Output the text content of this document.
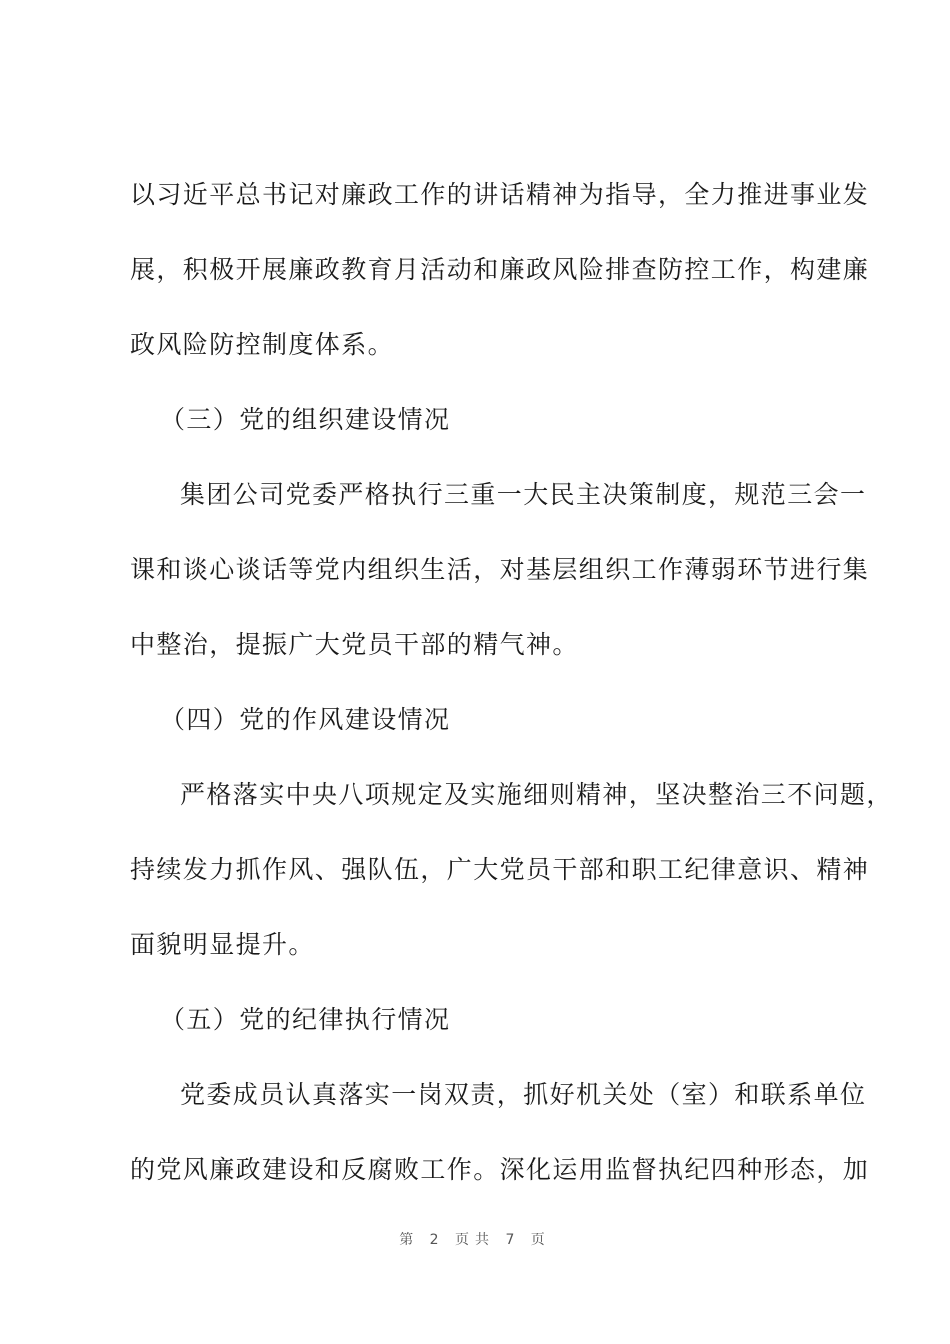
以习近平总书记对廉政工作的讲话精神为指导，全力推进事业发

展，积极开展廉政教育月活动和廉政风险排查防控工作，构建廉

政风险防控制度体系。

（三）党的组织建设情况

集团公司党委严格执行三重一大民主决策制度，规范三会一

课和谈心谈话等党内组织生活，对基层组织工作薄弱环节进行集

中整治，提振广大党员干部的精气神。

（四）党的作风建设情况

严格落实中央八项规定及实施细则精神，坚决整治三不问题，

持续发力抓作风、强队伍，广大党员干部和职工纪律意识、精神

面貌明显提升。

（五）党的纪律执行情况

党委成员认真落实一岗双责，抓好机关处（室）和联系单位

的党风廉政建设和反腐败工作。深化运用监督执纪四种形态，加

第 2 页共 7 页
